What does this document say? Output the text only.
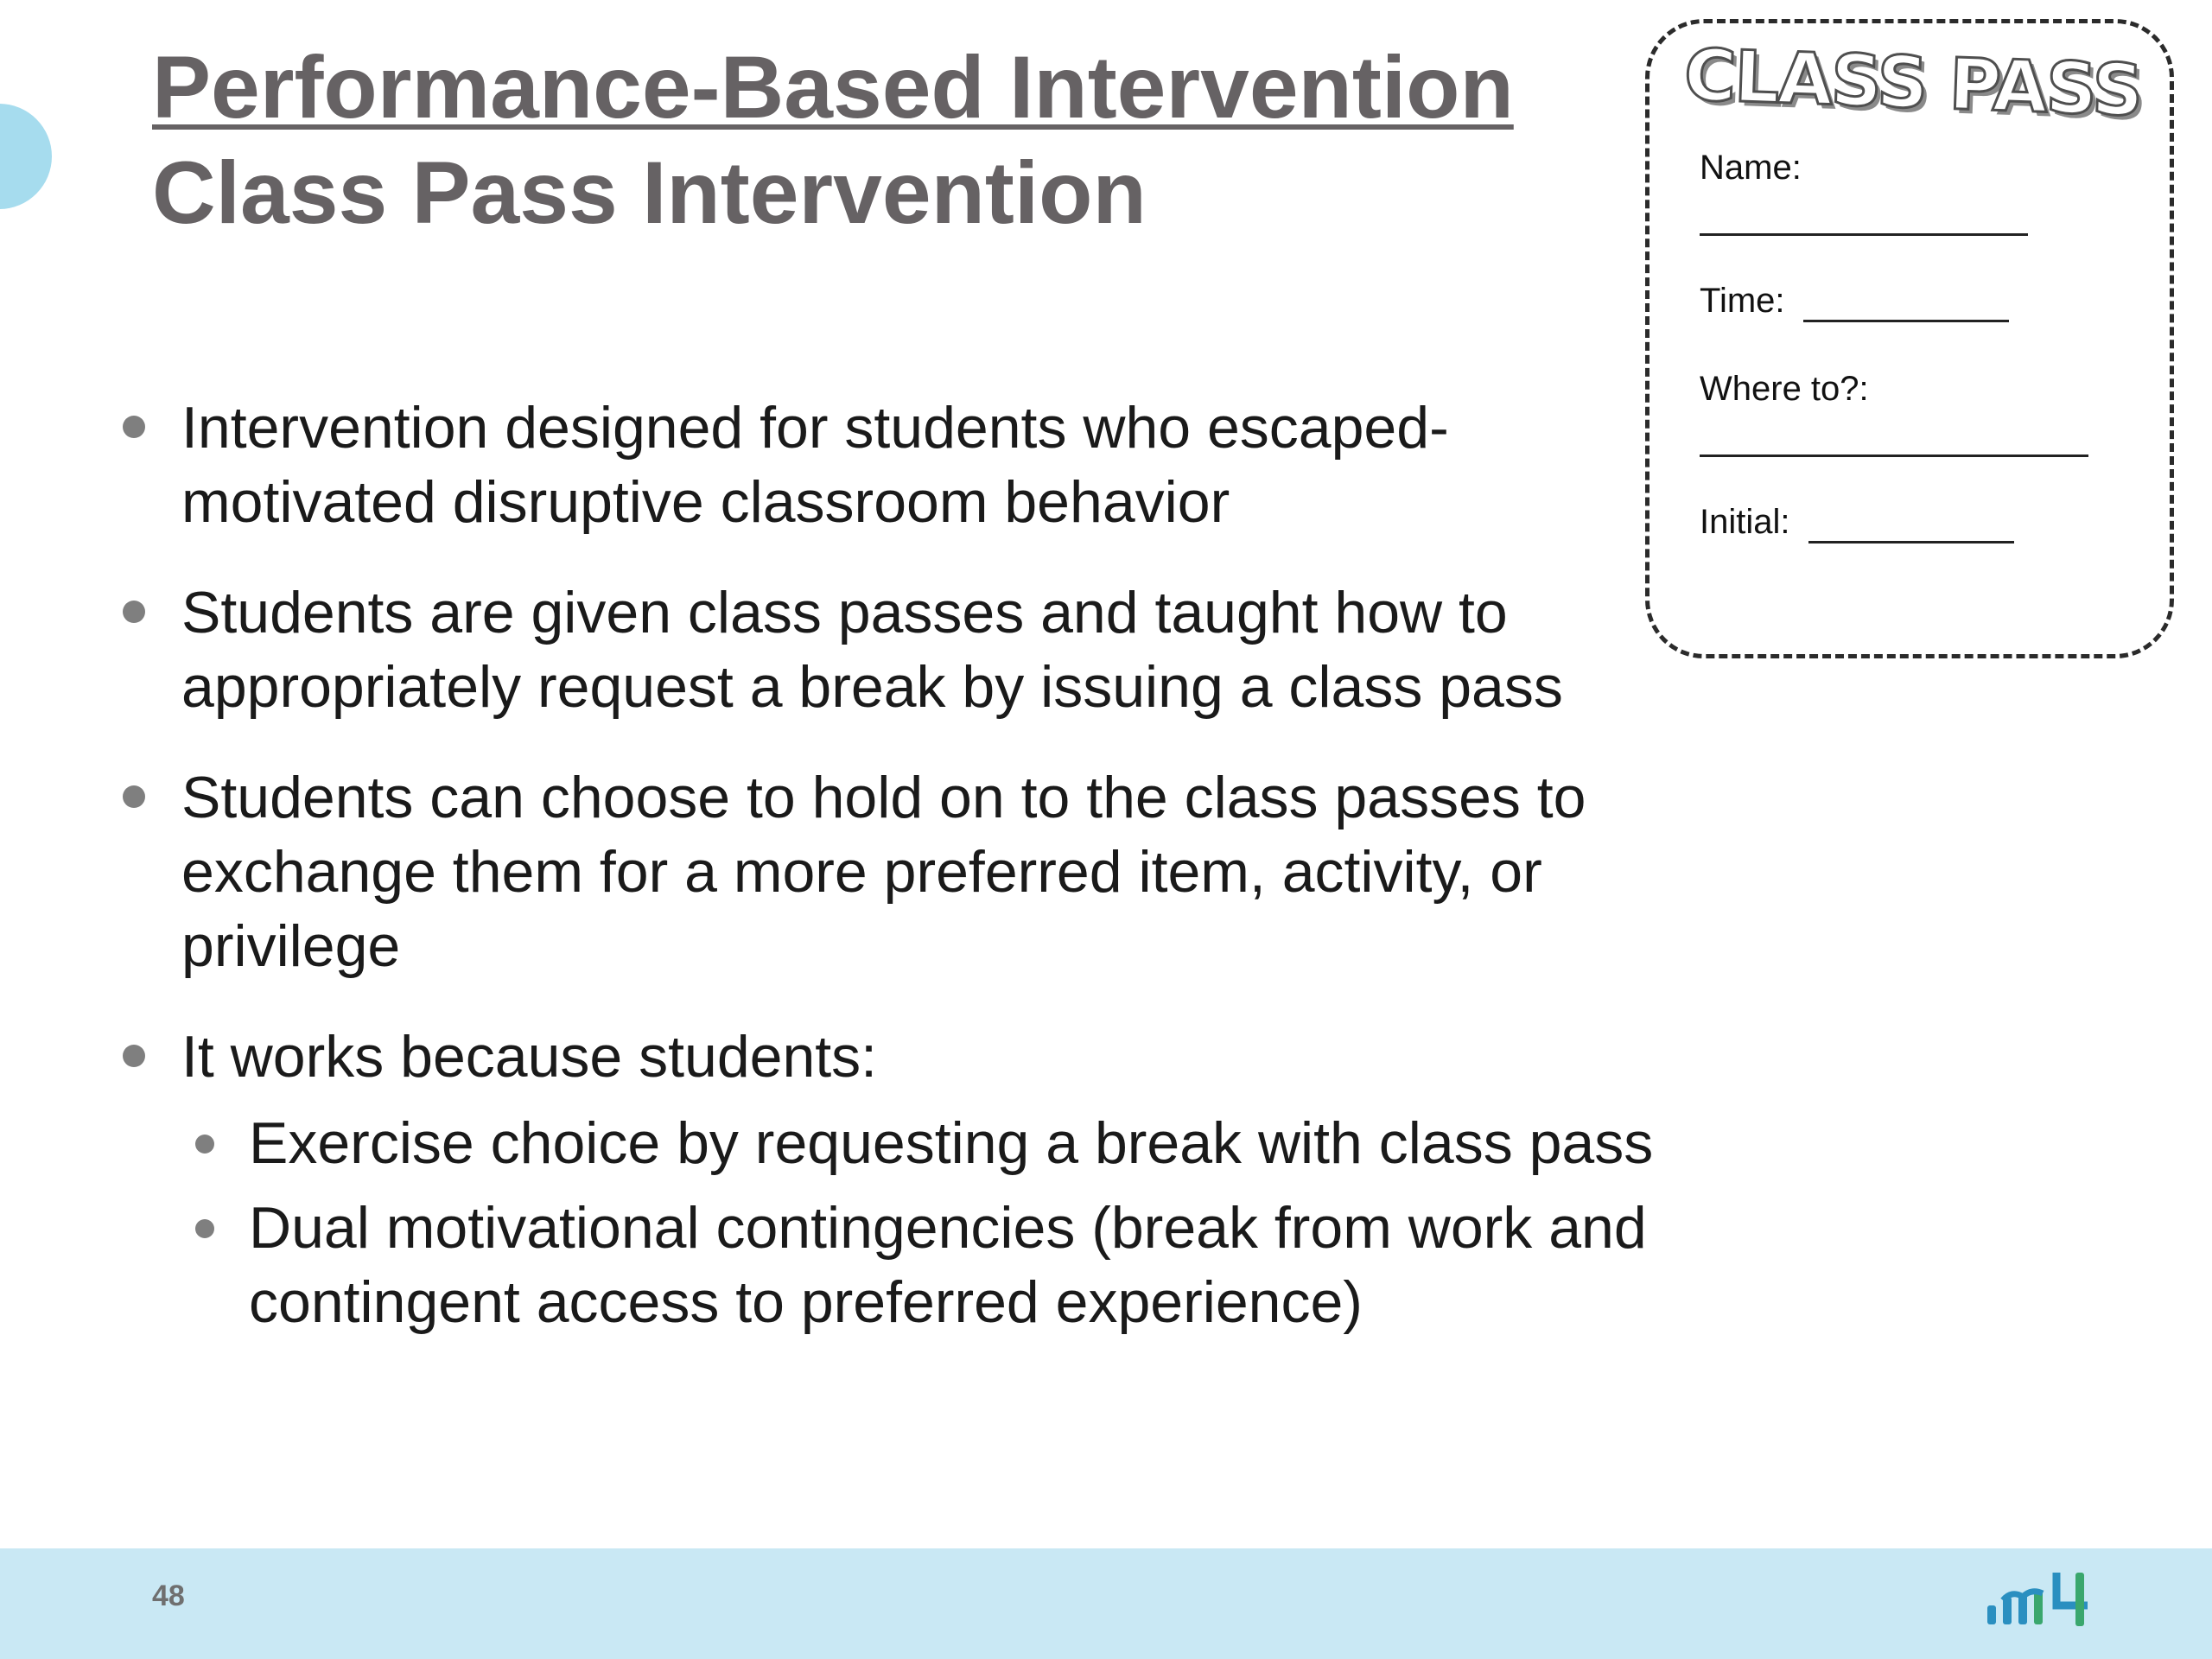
Performance-Based Intervention
Class Pass Intervention
Intervention designed for students who escaped-motivated disruptive classroom behavior
Students are given class passes and taught how to appropriately request a break by issuing a class pass
Students can choose to hold on to the class passes to exchange them for a more preferred item, activity, or privilege
It works because students:
Exercise choice by requesting a break with class pass
Dual motivational contingencies (break from work and contingent access to preferred experience)
CLASS PASS
Name:
Time:
Where to?:
Initial:
48
